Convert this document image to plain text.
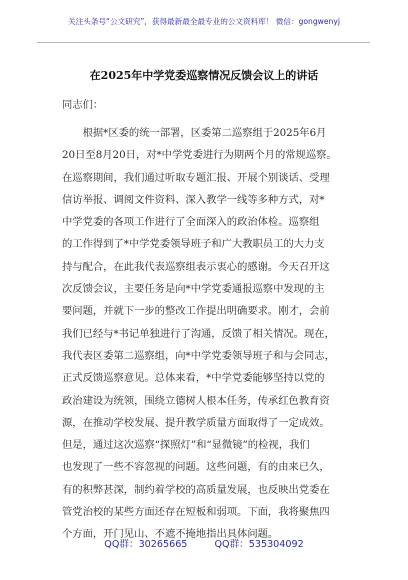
关注头条号“公文研究”，获得最新最全最专业的公文资料库！ 微信：gongwenyj
在2025年中学党委巡察情况反馈会议上的讲话
同志们：
　　根据*区委的统一部署，区委第二巡察组于2025年6月
20日至8月20日，对*中学党委进行为期两个月的常规巡察。
在巡察期间，我们通过听取专题汇报、开展个别谈话、受理
信访举报、调阅文件资料、深入教学一线等多种方式，对*
中学党委的各项工作进行了全面深入的政治体检。巡察组
的工作得到了*中学党委领导班子和广大教职员工的大力支
持与配合，在此我代表巡察组表示衷心的感谢。今天召开这
次反馈会议，主要任务是向*中学党委通报巡察中发现的主
要问题，并就下一步的整改工作提出明确要求。刚才，会前
我们已经与*书记单独进行了沟通，反馈了相关情况。现在，
我代表区委第二巡察组，向*中学党委领导班子和与会同志，
正式反馈巡察意见。总体来看，*中学党委能够坚持以党的
政治建设为统领，围绕立德树人根本任务，传承红色教育资
源，在推动学校发展、提升教学质量方面取得了一定成效。
但是，通过这次巡察“探照灯”和“显微镜”的检视，我们
也发现了一些不容忽视的问题。这些问题，有的由来已久，
有的积弊甚深，制约着学校的高质量发展，也反映出党委在
管党治校的某些方面还存在短板和弱项。下面，我将聚焦四
个方面，开门见山、不遮不掩地指出具体问题。
QQ群：30265665	QQ群：535304092
